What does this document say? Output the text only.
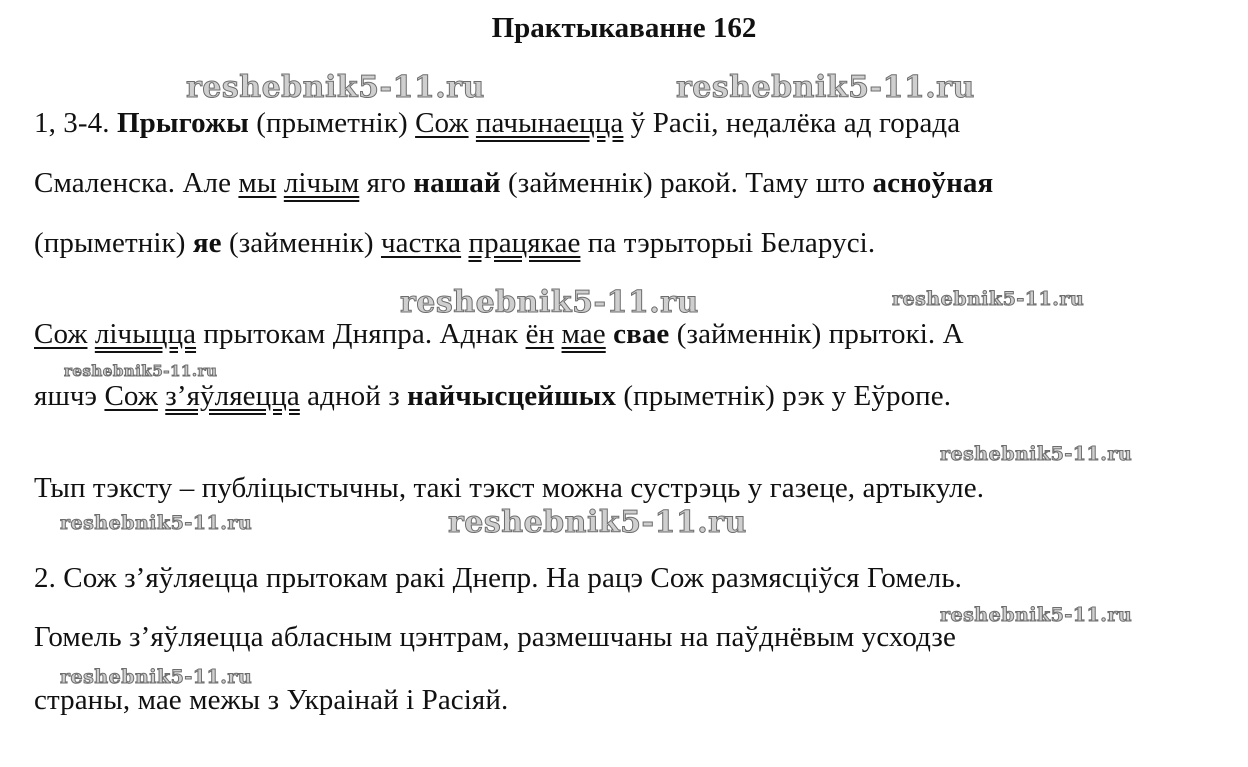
Практыкаванне 162
reshebnik5-11.ru	reshebnik5-11.ru
reshebnik5-11.ru	reshebnik5-11.ru
reshebnik5-11.ru
reshebnik5-11.ru
reshebnik5-11.ru	reshebnik5-11.ru
reshebnik5-11.ru
reshebnik5-11.ru
1, 3-4. Прыгожы (прыметнік) Сож пачынаецца ў Расіі, недалёка ад горада
Смаленска. Але мы лічым яго нашай (займеннік) ракой. Таму што асноўная
(прыметнік) яе (займеннік) частка працякае па тэрыторыі Беларусі.
Сож лічыцца прытокам Дняпра. Аднак ён мае свае (займеннік) прытокі. А
яшчэ Сож з’яўляецца адной з найчысцейшых (прыметнік) рэк у Еўропе.
Тып тэксту – публіцыстычны, такі тэкст можна сустрэць у газеце, артыкуле.
2. Сож з’яўляецца прытокам ракі Днепр. На рацэ Сож размясціўся Гомель.
Гомель з’яўляецца абласным цэнтрам, размешчаны на паўднёвым усходзе
страны, мае межы з Украінай і Расіяй.
